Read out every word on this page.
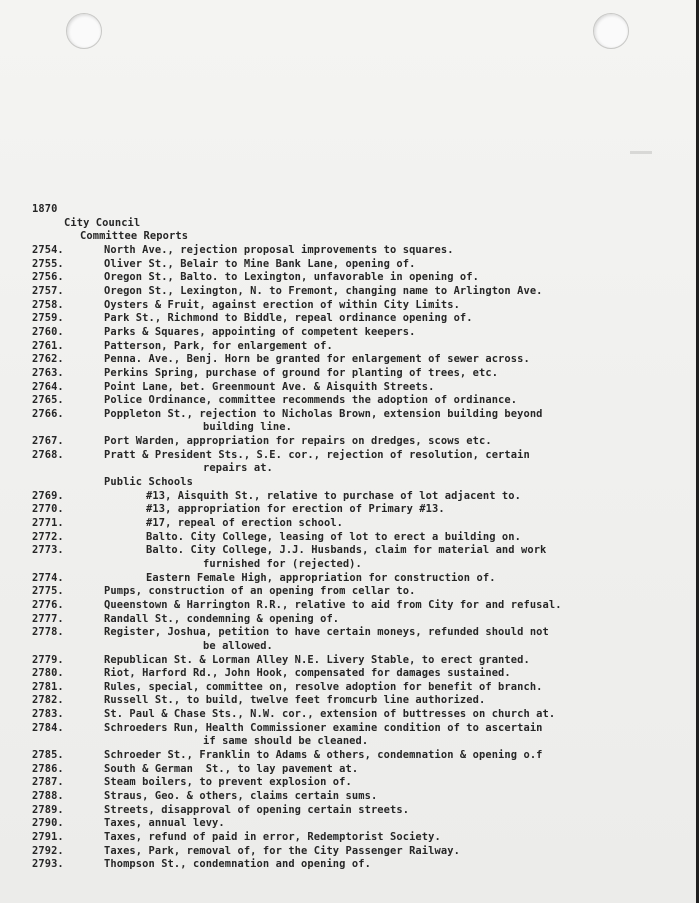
1870

City Council

Committee Reports

2754.	North Ave., rejection proposal improvements to squares.
2755.	Oliver St., Belair to Mine Bank Lane, opening of.
2756.	Oregon St., Balto. to Lexington, unfavorable in opening of.
2757.	Oregon St., Lexington, N. to Fremont, changing name to Arlington Ave.
2758.	Oysters & Fruit, against erection of within City Limits.
2759.	Park St., Richmond to Biddle, repeal ordinance opening of.
2760.	Parks & Squares, appointing of competent keepers.
2761.	Patterson, Park, for enlargement of.
2762.	Penna. Ave., Benj. Horn be granted for enlargement of sewer across.
2763.	Perkins Spring, purchase of ground for planting of trees, etc.
2764.	Point Lane, bet. Greenmount Ave. & Aisquith Streets.
2765.	Police Ordinance, committee recommends the adoption of ordinance.
2766.	Poppleton St., rejection to Nicholas Brown, extension building beyond
building line.
2767.	Port Warden, appropriation for repairs on dredges, scows etc.
2768.	Pratt & President Sts., S.E. cor., rejection of resolution, certain
repairs at.
Public Schools
2769.	#13, Aisquith St., relative to purchase of lot adjacent to.
2770.	#13, appropriation for erection of Primary #13.
2771.	#17, repeal of erection school.
2772.	Balto. City College, leasing of lot to erect a building on.
2773.	Balto. City College, J.J. Husbands, claim for material and work
furnished for (rejected).
2774.	Eastern Female High, appropriation for construction of.
2775.	Pumps, construction of an opening from cellar to.
2776.	Queenstown & Harrington R.R., relative to aid from City for and refusal.
2777.	Randall St., condemning & opening of.
2778.	Register, Joshua, petition to have certain moneys, refunded should not
be allowed.
2779.	Republican St. & Lorman Alley N.E. Livery Stable, to erect granted.
2780.	Riot, Harford Rd., John Hook, compensated for damages sustained.
2781.	Rules, special, committee on, resolve adoption for benefit of branch.
2782.	Russell St., to build, twelve feet fromcurb line authorized.
2783.	St. Paul & Chase Sts., N.W. cor., extension of buttresses on church at.
2784.	Schroeders Run, Health Commissioner examine condition of to ascertain
if same should be cleaned.
2785.	Schroeder St., Franklin to Adams & others, condemnation & opening o.f
2786.	South & German  St., to lay pavement at.
2787.	Steam boilers, to prevent explosion of.
2788.	Straus, Geo. & others, claims certain sums.
2789.	Streets, disapproval of opening certain streets.
2790.	Taxes, annual levy.
2791.	Taxes, refund of paid in error, Redemptorist Society.
2792.	Taxes, Park, removal of, for the City Passenger Railway.
2793.	Thompson St., condemnation and opening of.
